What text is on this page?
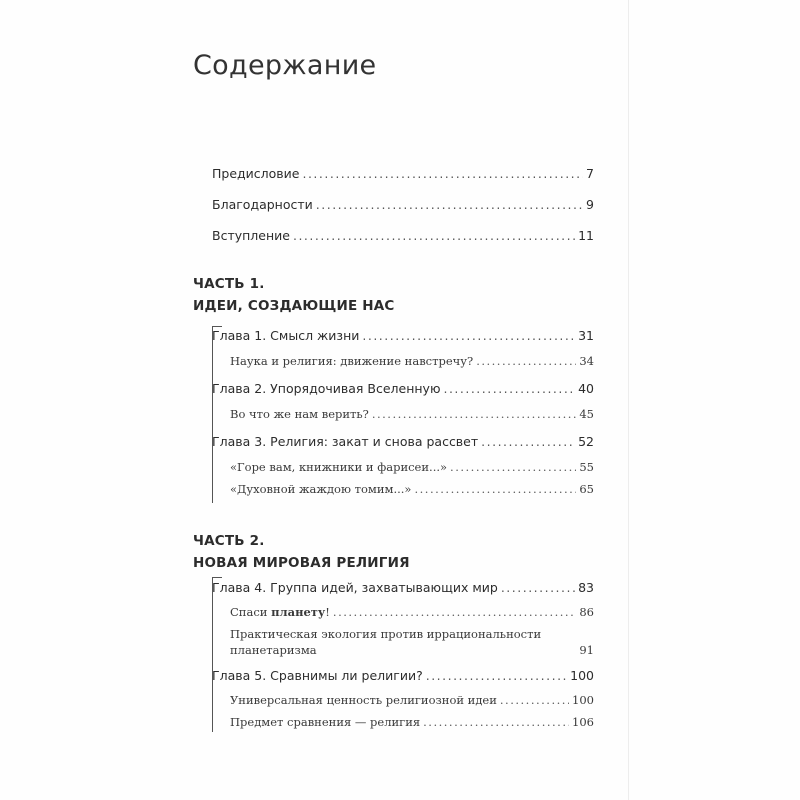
Содержание
Предисловие .....	7
Благодарности .....	9
Вступление .....	11
ЧАСТЬ 1.
ИДЕИ, СОЗДАЮЩИЕ НАС
Глава 1. Смысл жизни .....	31
Наука и религия: движение навстречу? .....	34
Глава 2. Упорядочивая Вселенную .....	40
Во что же нам верить? .....	45
Глава 3. Религия: закат и снова рассвет .....	52
«Горе вам, книжники и фарисеи...» .....	55
«Духовной жаждою томим...» .....	65
ЧАСТЬ 2.
НОВАЯ МИРОВАЯ РЕЛИГИЯ
Глава 4. Группа идей, захватывающих мир .....	83
Спаси планету! .....	86
Практическая экология против иррациональности
планетаризма	91
Глава 5. Сравнимы ли религии? .....	100
Универсальная ценность религиозной идеи .....	100
Предмет сравнения — религия .....	106
